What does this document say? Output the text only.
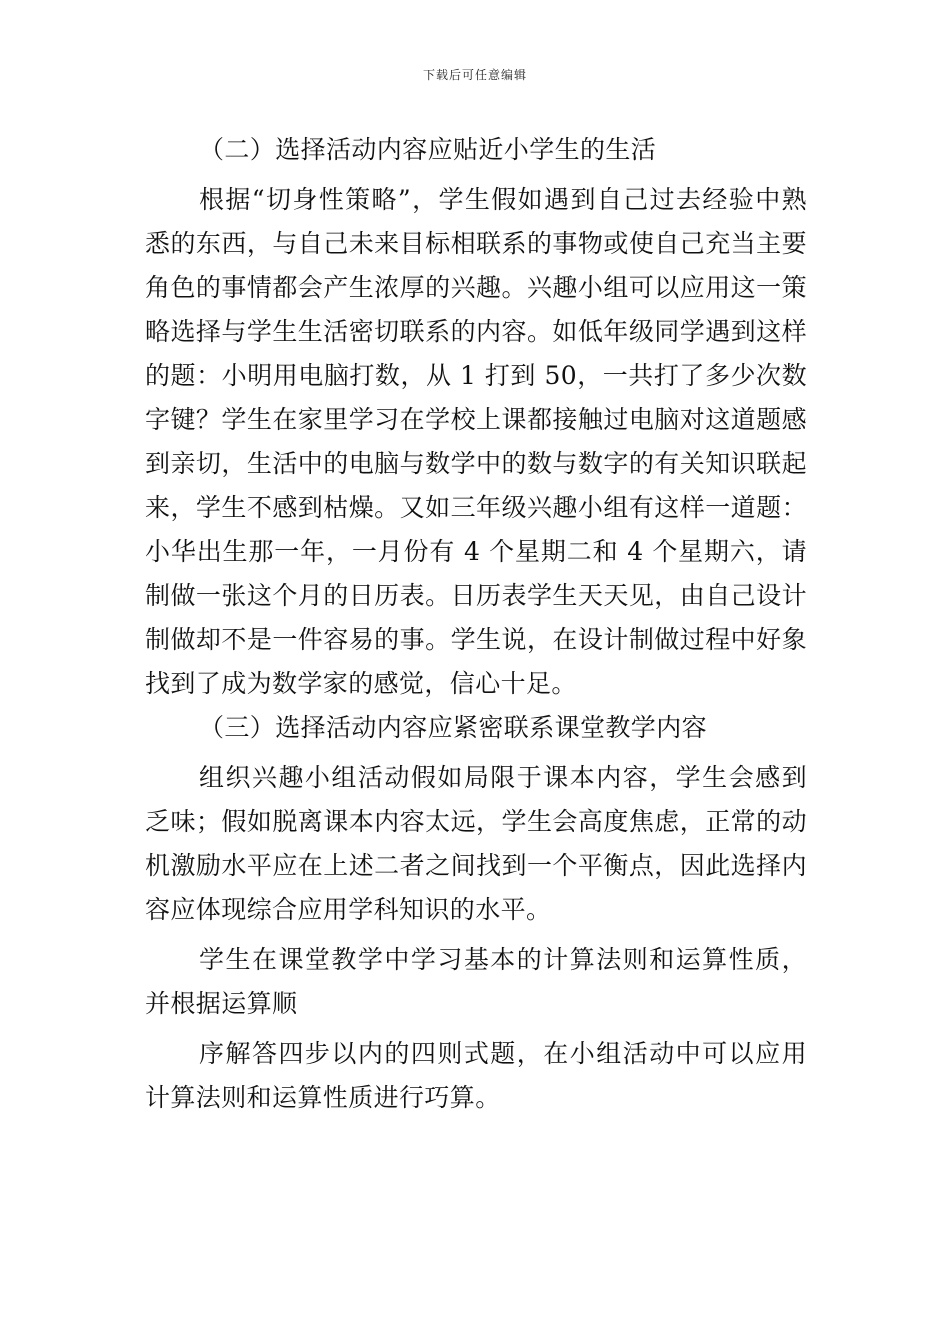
下载后可任意编辑

（二）选择活动内容应贴近小学生的生活

根据“切身性策略”，学生假如遇到自己过去经验中熟悉的东西，与自己未来目标相联系的事物或使自己充当主要角色的事情都会产生浓厚的兴趣。兴趣小组可以应用这一策略选择与学生生活密切联系的内容。如低年级同学遇到这样的题：小明用电脑打数，从 1 打到 50，一共打了多少次数字键？学生在家里学习在学校上课都接触过电脑对这道题感到亲切，生活中的电脑与数学中的数与数字的有关知识联起来，学生不感到枯燥。又如三年级兴趣小组有这样一道题：小华出生那一年，一月份有 4 个星期二和 4 个星期六，请制做一张这个月的日历表。日历表学生天天见，由自己设计制做却不是一件容易的事。学生说，在设计制做过程中好象找到了成为数学家的感觉，信心十足。

（三）选择活动内容应紧密联系课堂教学内容

组织兴趣小组活动假如局限于课本内容，学生会感到乏味；假如脱离课本内容太远，学生会高度焦虑，正常的动机激励水平应在上述二者之间找到一个平衡点，因此选择内容应体现综合应用学科知识的水平。

学生在课堂教学中学习基本的计算法则和运算性质，并根据运算顺

序解答四步以内的四则式题，在小组活动中可以应用计算法则和运算性质进行巧算。
